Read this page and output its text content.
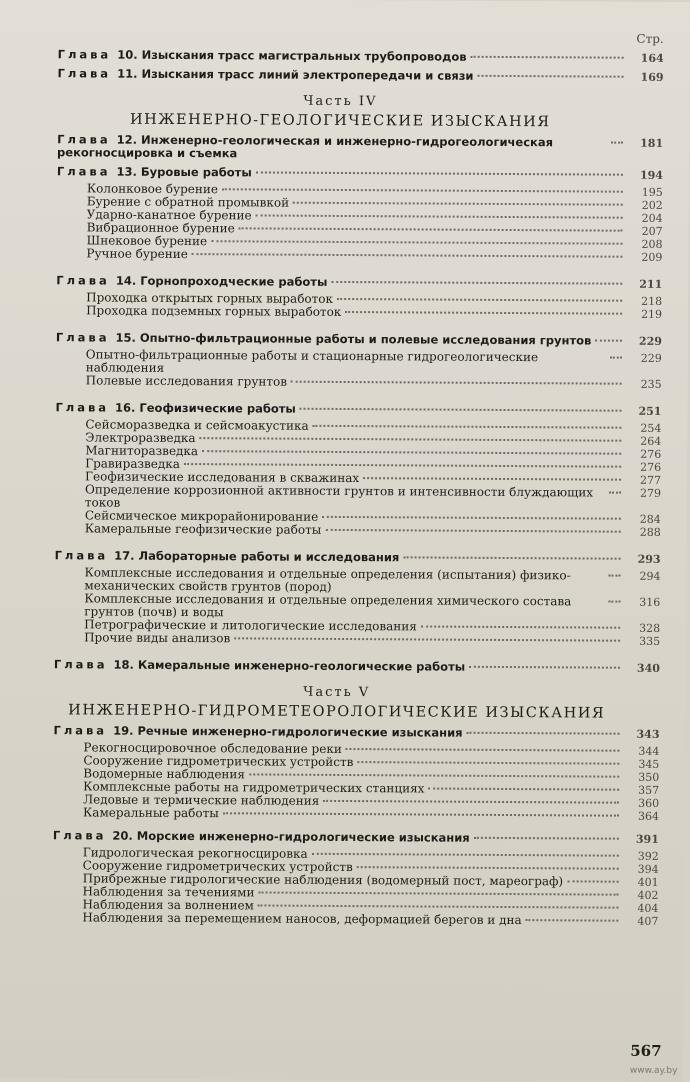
Стр.
Глава 10. Изыскания трасс магистральных трубопроводов	164
Глава 11. Изыскания трасс линий электропередачи и связи	169
Часть IV
ИНЖЕНЕРНО-ГЕОЛОГИЧЕСКИЕ ИЗЫСКАНИЯ
Глава 12. Инженерно-геологическая и инженерно-гидрогеологическая рекогносцировка и съемка
181
Глава 13. Буровые работы	194
Колонковое бурение	195
Бурение с обратной промывкой	202
Ударно-канатное бурение	204
Вибрационное бурение	207
Шнековое бурение	208
Ручное бурение	209
Глава 14. Горнопроходческие работы	211
Проходка открытых горных выработок	218
Проходка подземных горных выработок	219
Глава 15. Опытно-фильтрационные работы и полевые исследования грунтов	229
Опытно-фильтрационные работы и стационарные гидрогеологические наблюдения
229
Полевые исследования грунтов	235
Глава 16. Геофизические работы	251
Сейсморазведка и сейсмоакустика	254
Электроразведка	264
Магниторазведка	276
Гравиразведка	276
Геофизические исследования в скважинах	277
Определение коррозионной активности грунтов и интенсивности блуждающих токов
279
Сейсмическое микрорайонирование	284
Камеральные геофизические работы	288
Глава 17. Лабораторные работы и исследования	293
Комплексные исследования и отдельные определения (испытания) физико-механических свойств грунтов (пород)
294
Комплексные исследования и отдельные определения химического состава грунтов (почв) и воды
316
Петрографические и литологические исследования	328
Прочие виды анализов	335
Глава 18. Камеральные инженерно-геологические работы	340
Часть V
ИНЖЕНЕРНО-ГИДРОМЕТЕОРОЛОГИЧЕСКИЕ ИЗЫСКАНИЯ
Глава 19. Речные инженерно-гидрологические изыскания	343
Рекогносцировочное обследование реки	344
Сооружение гидрометрических устройств	345
Водомерные наблюдения	350
Комплексные работы на гидрометрических станциях	357
Ледовые и термические наблюдения	360
Камеральные работы	364
Глава 20. Морские инженерно-гидрологические изыскания	391
Гидрологическая рекогносцировка	392
Сооружение гидрометрических устройств	394
Прибрежные гидрологические наблюдения (водомерный пост, мареограф)	401
Наблюдения за течениями	402
Наблюдения за волнением	404
Наблюдения за перемещением наносов, деформацией берегов и дна	407
567
www.ay.by
